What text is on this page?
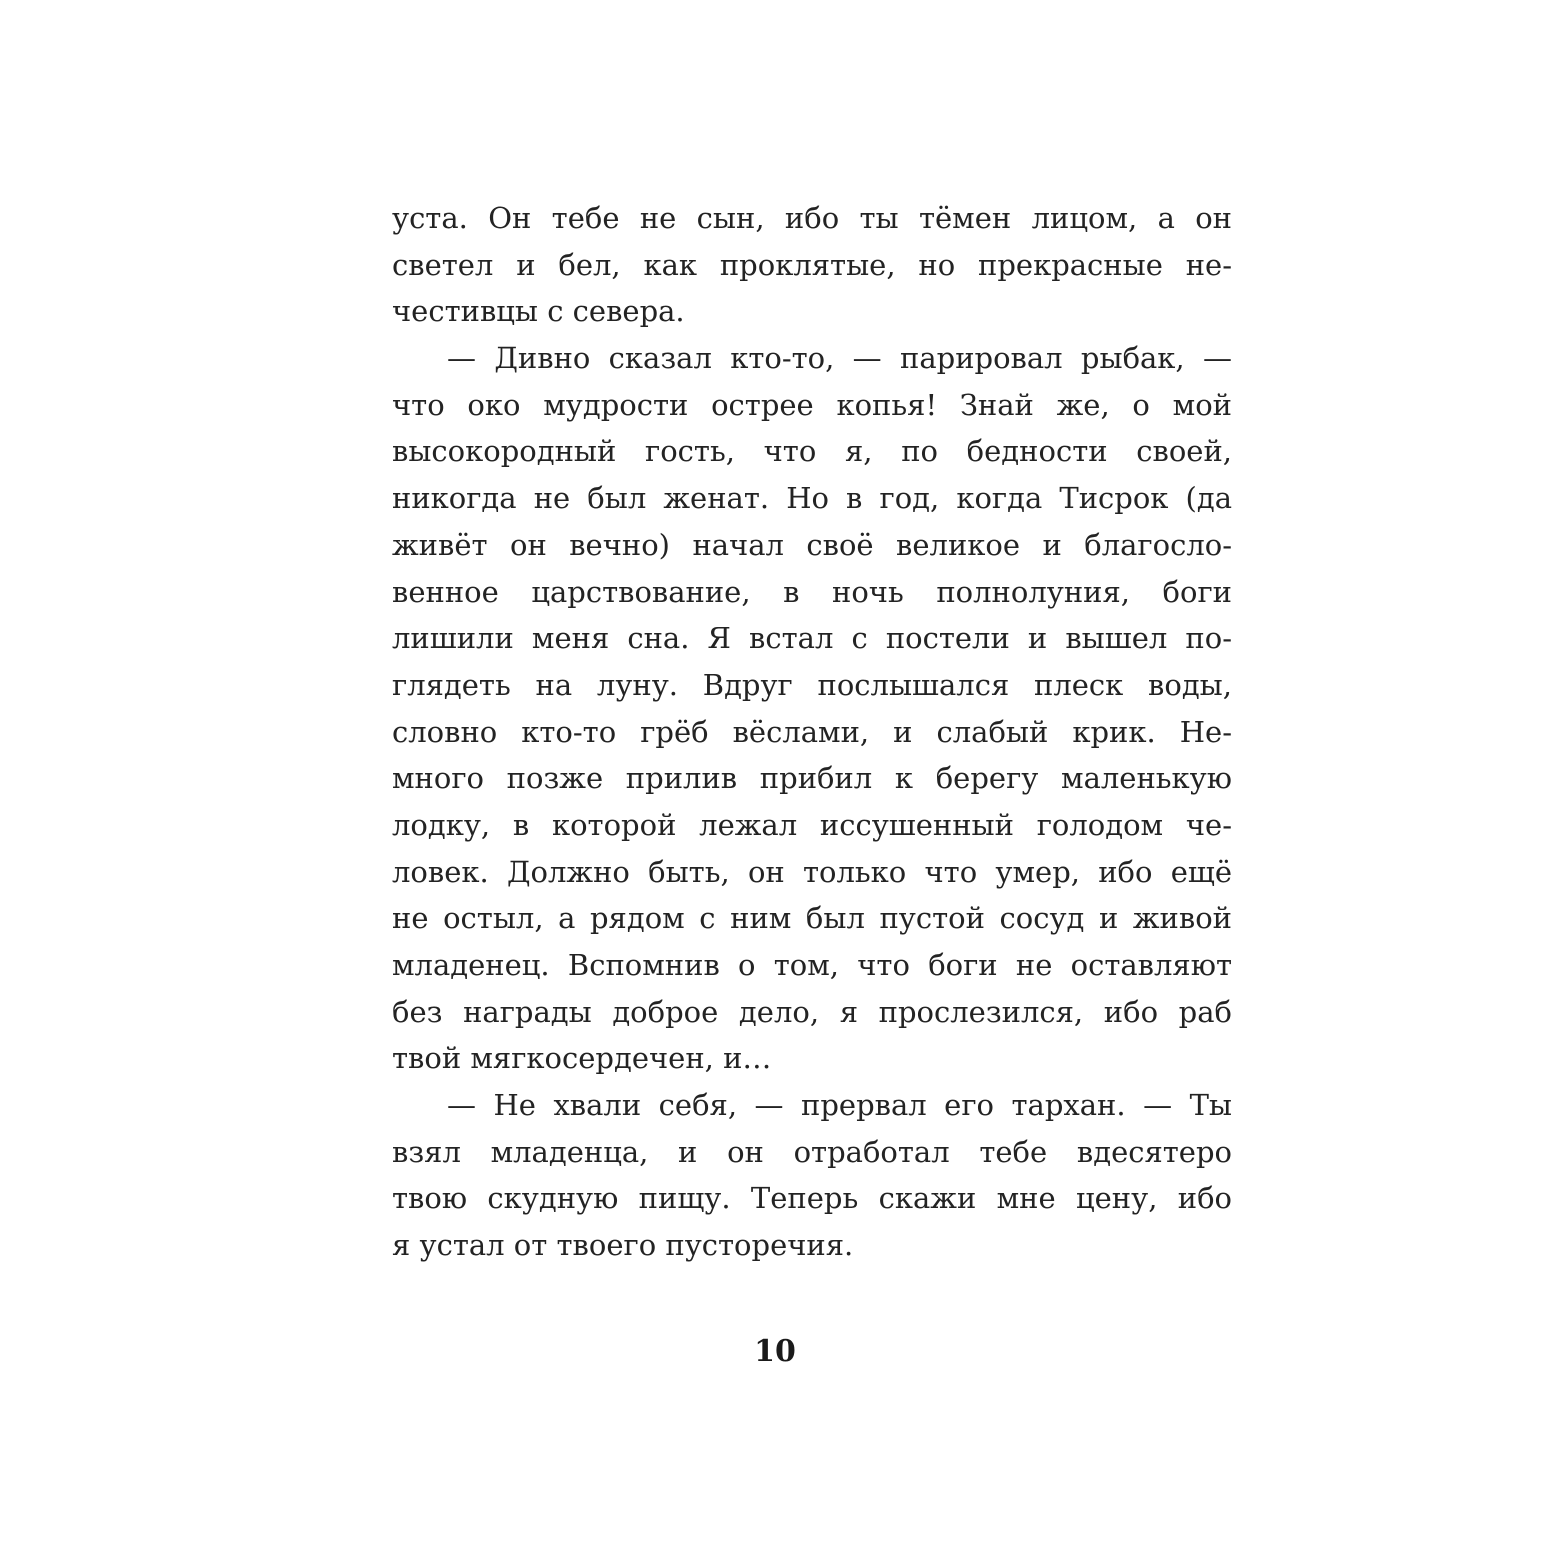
уста. Он тебе не сын, ибо ты тёмен лицом, а он
светел и бел, как проклятые, но прекрасные не-
честивцы с севера.
— Дивно сказал кто-то, — парировал рыбак, —
что око мудрости острее копья! Знай же, о мой
высокородный гость, что я, по бедности своей,
никогда не был женат. Но в год, когда Тисрок (да
живёт он вечно) начал своё великое и благосло-
венное царствование, в ночь полнолуния, боги
лишили меня сна. Я встал с постели и вышел по-
глядеть на луну. Вдруг послышался плеск воды,
словно кто-то грёб вёслами, и слабый крик. Не-
много позже прилив прибил к берегу маленькую
лодку, в которой лежал иссушенный голодом че-
ловек. Должно быть, он только что умер, ибо ещё
не остыл, а рядом с ним был пустой сосуд и живой
младенец. Вспомнив о том, что боги не оставляют
без награды доброе дело, я прослезился, ибо раб
твой мягкосердечен, и…
— Не хвали себя, — прервал его тархан. — Ты
взял младенца, и он отработал тебе вдесятеро
твою скудную пищу. Теперь скажи мне цену, ибо
я устал от твоего пусторечия.
10
